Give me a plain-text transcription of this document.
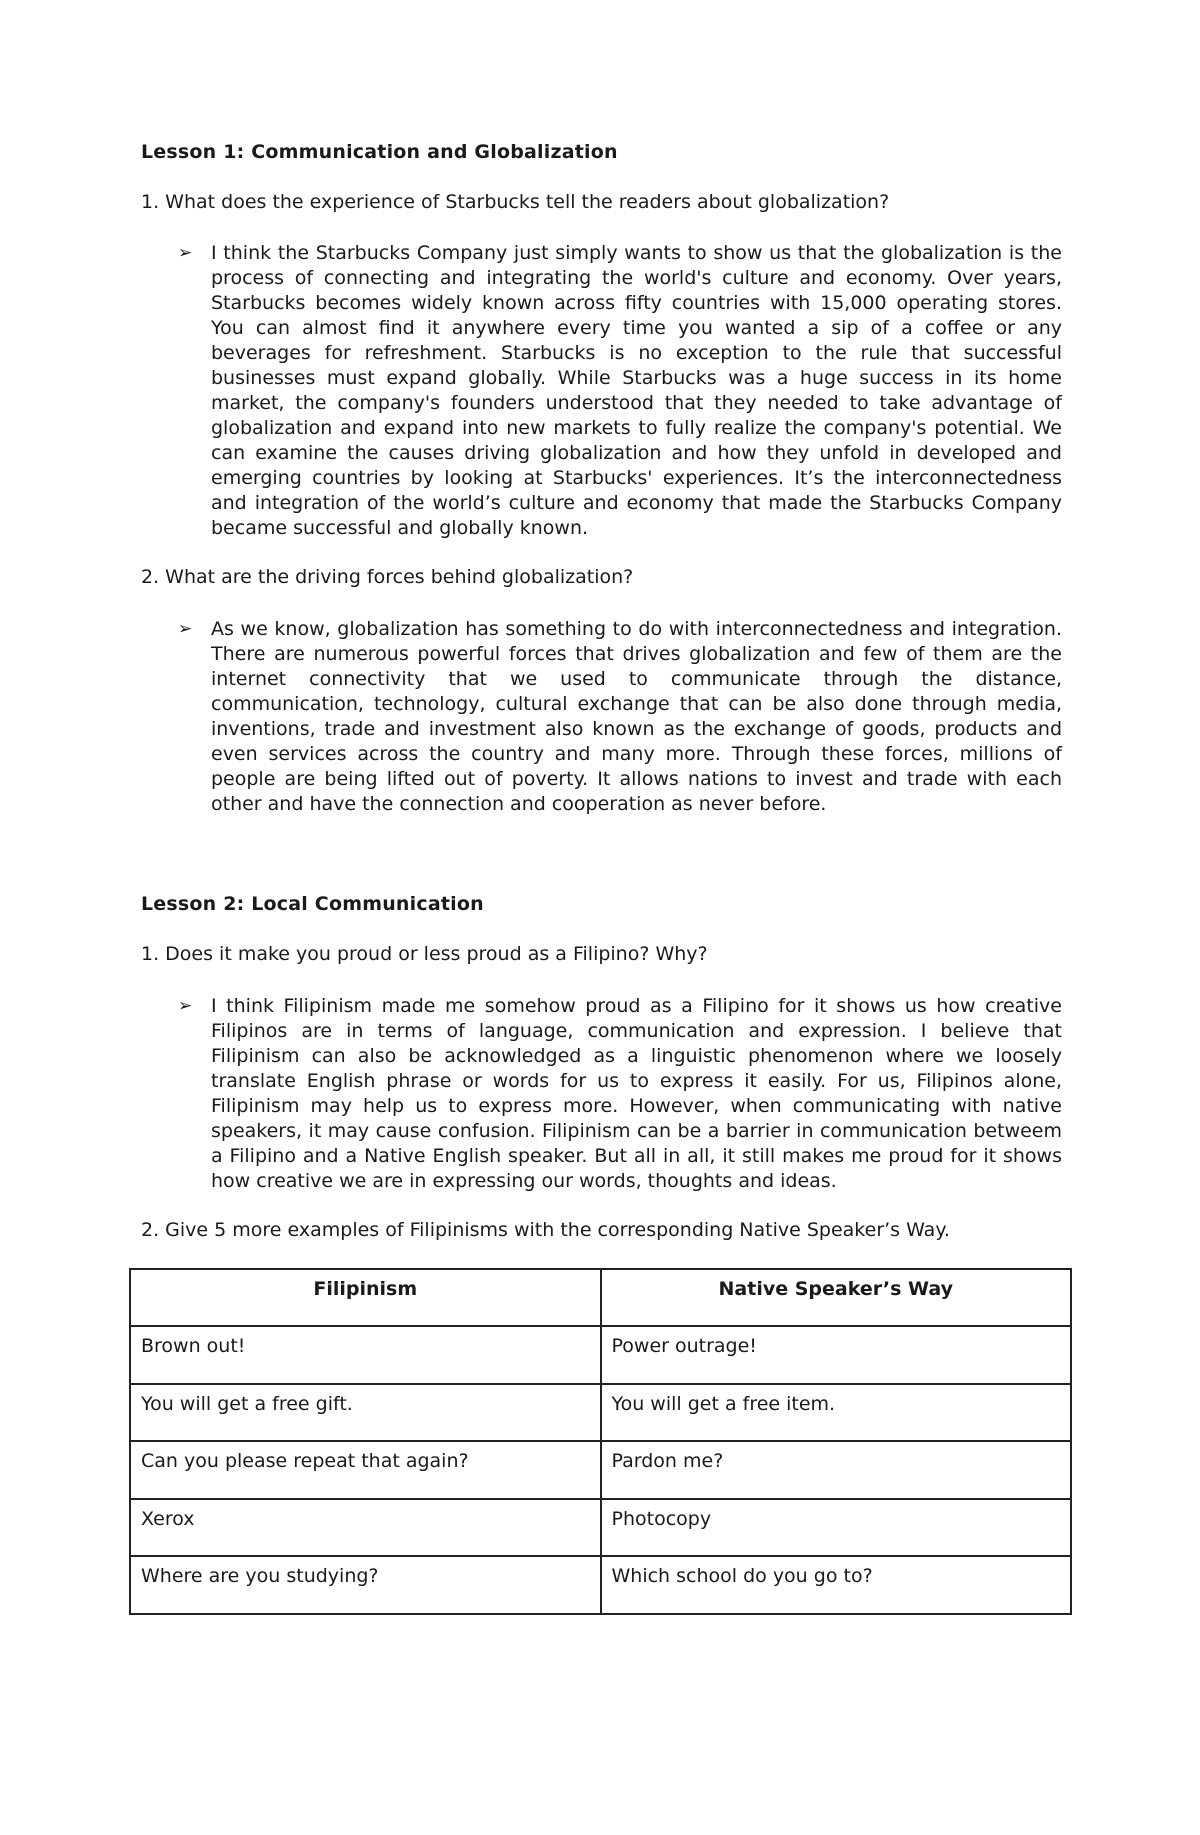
Lesson 1: Communication and Globalization
1. What does the experience of Starbucks tell the readers about globalization?
➢ I think the Starbucks Company just simply wants to show us that the globalization is the process of connecting and integrating the world's culture and economy. Over years, Starbucks becomes widely known across fifty countries with 15,000 operating stores. You can almost find it anywhere every time you wanted a sip of a coffee or any beverages for refreshment. Starbucks is no exception to the rule that successful businesses must expand globally. While Starbucks was a huge success in its home market, the company's founders understood that they needed to take advantage of globalization and expand into new markets to fully realize the company's potential. We can examine the causes driving globalization and how they unfold in developed and emerging countries by looking at Starbucks' experiences. It’s the interconnectedness and integration of the world’s culture and economy that made the Starbucks Company became successful and globally known.
2. What are the driving forces behind globalization?
➢ As we know, globalization has something to do with interconnectedness and integration. There are numerous powerful forces that drives globalization and few of them are the internet connectivity that we used to communicate through the distance, communication, technology, cultural exchange that can be also done through media, inventions, trade and investment also known as the exchange of goods, products and even services across the country and many more. Through these forces, millions of people are being lifted out of poverty. It allows nations to invest and trade with each other and have the connection and cooperation as never before.
Lesson 2: Local Communication
1. Does it make you proud or less proud as a Filipino? Why?
➢ I think Filipinism made me somehow proud as a Filipino for it shows us how creative Filipinos are in terms of language, communication and expression. I believe that Filipinism can also be acknowledged as a linguistic phenomenon where we loosely translate English phrase or words for us to express it easily. For us, Filipinos alone, Filipinism may help us to express more. However, when communicating with native speakers, it may cause confusion. Filipinism can be a barrier in communication betweem a Filipino and a Native English speaker. But all in all, it still makes me proud for it shows how creative we are in expressing our words, thoughts and ideas.
2. Give 5 more examples of Filipinisms with the corresponding Native Speaker’s Way.
Filipinism	Native Speaker’s Way
Brown out!	Power outrage!
You will get a free gift.	You will get a free item.
Can you please repeat that again?	Pardon me?
Xerox	Photocopy
Where are you studying?	Which school do you go to?
